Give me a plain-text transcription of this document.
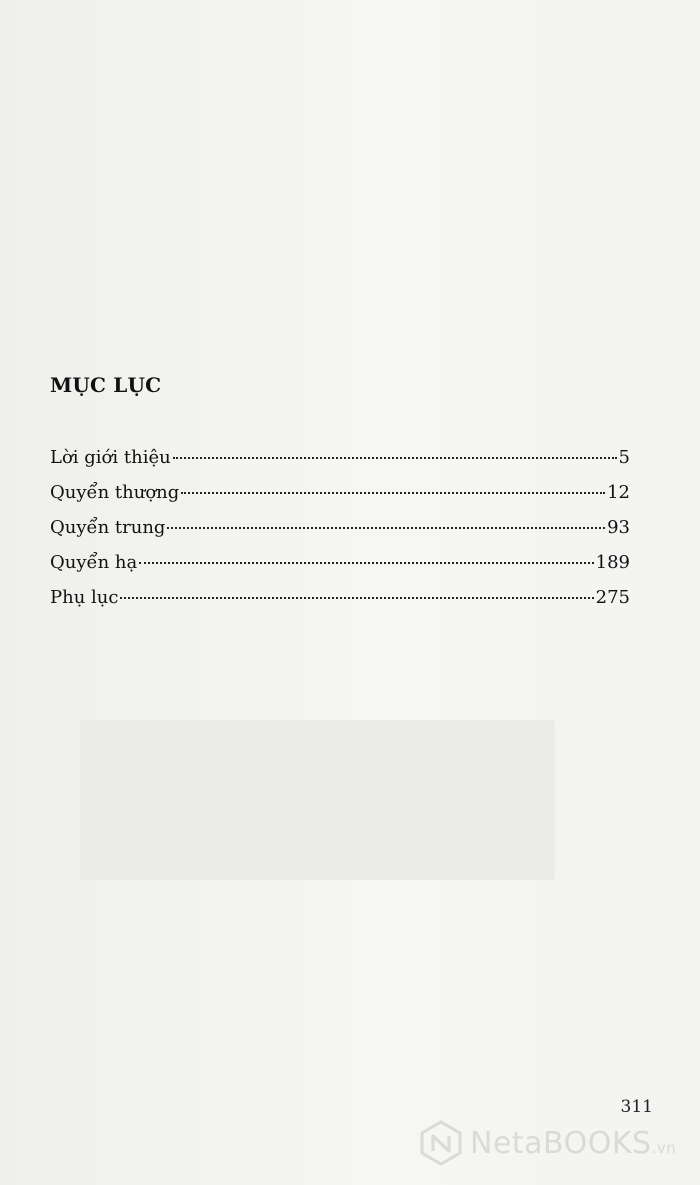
MỤC LỤC
Lời giới thiệu	5
Quyển thượng	12
Quyển trung	93
Quyển hạ	189
Phụ lục	275
311
NetaBOOKS.vn
